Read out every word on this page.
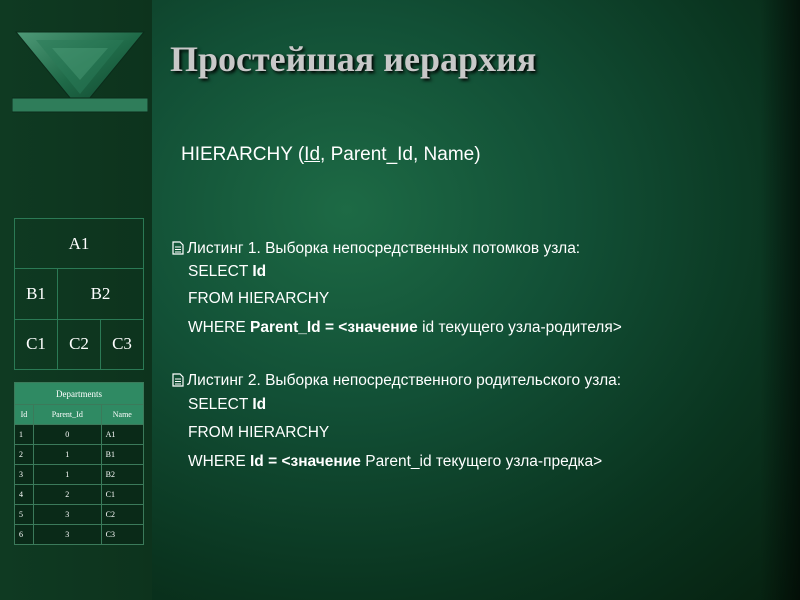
Простейшая иерархия
HIERARCHY (Id, Parent_Id, Name)
A1		
B1	B2	
C1	C2	C3
Departments		
Id	Parent_Id	Name
1	0	A1
2	1	B1
3	1	B2
4	2	C1
5	3	C2
6	3	C3
Листинг 1. Выборка непосредственных потомков узла:
SELECT Id
FROM HIERARCHY
WHERE Parent_Id = <значение id текущего узла-родителя>
Листинг 2. Выборка непосредственного родительского узла:
SELECT Id
FROM HIERARCHY
WHERE Id = <значение Parent_id текущего узла-предка>
